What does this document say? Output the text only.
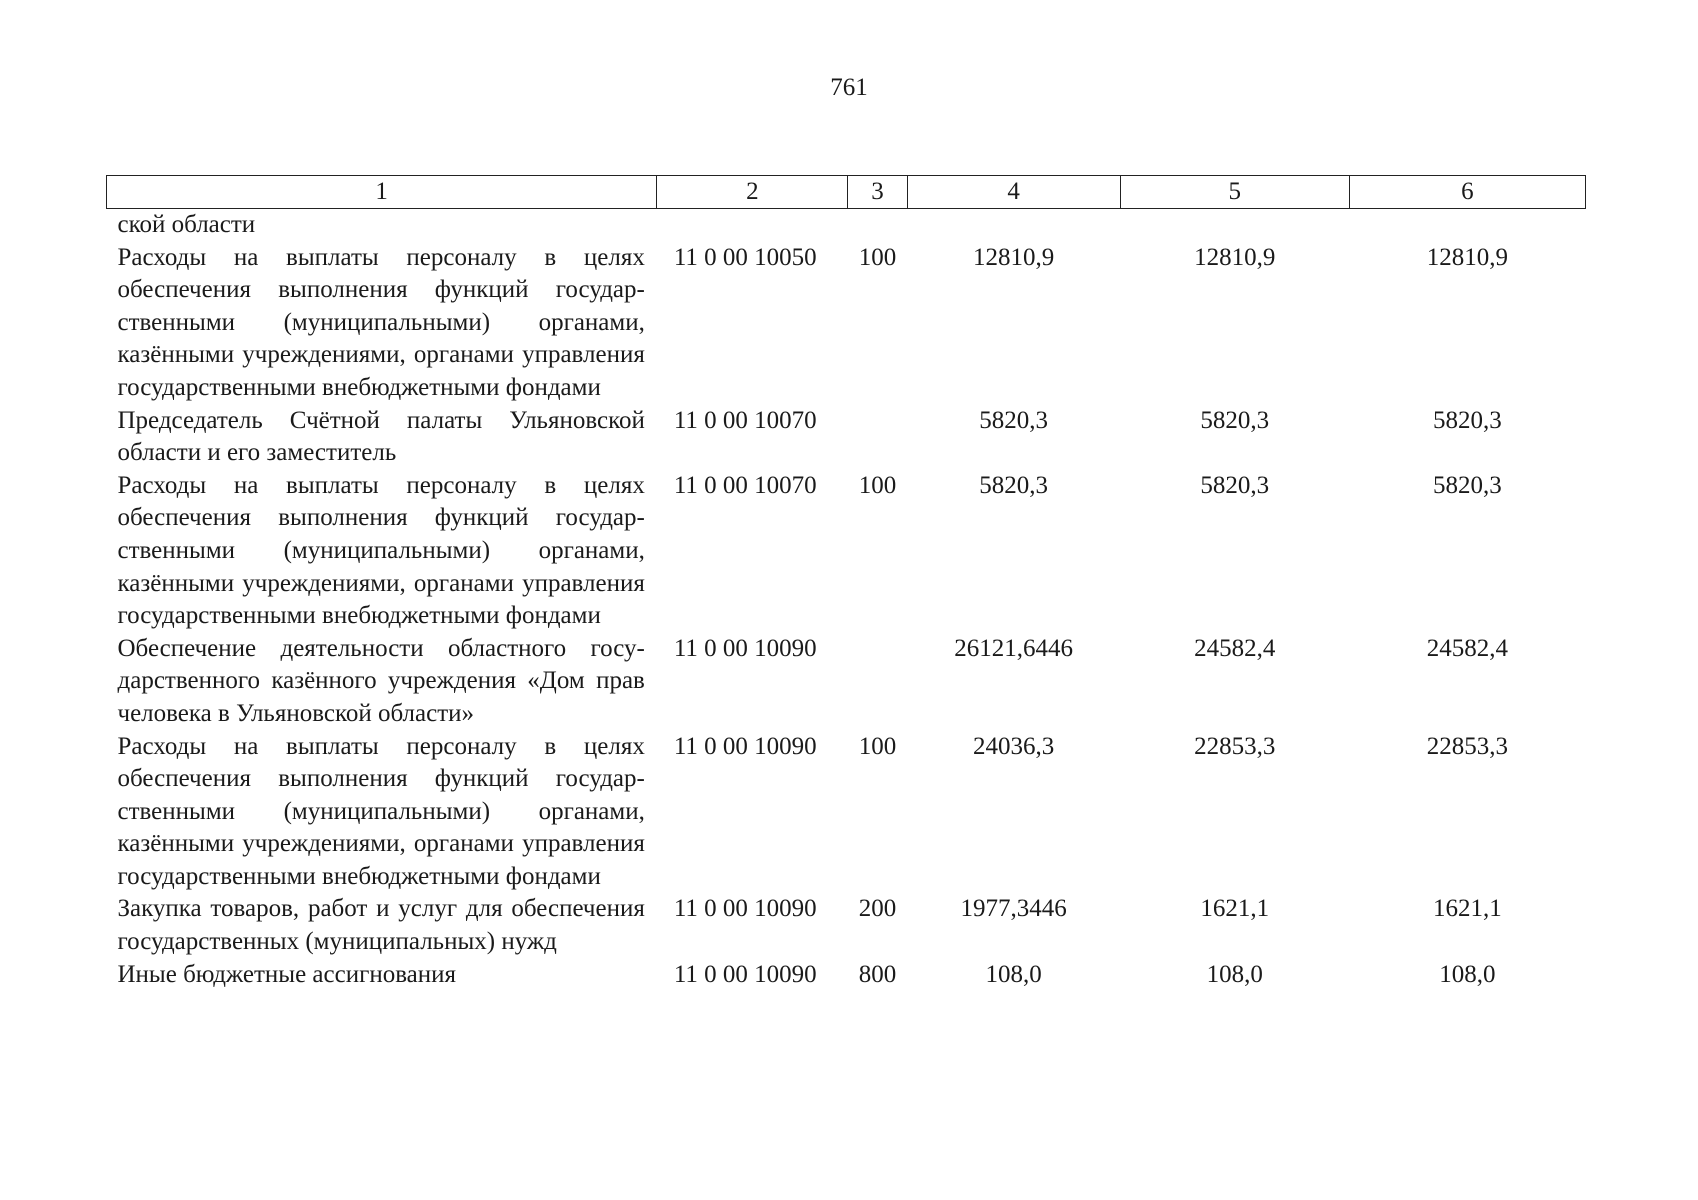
761
1	2	3	4	5	6
ской области					
Расходы на выплаты персоналу в целях обеспечения выполнения функций государственными (муниципальными) органами, казёнными учреждениями, органами управления государственными внебюджетными фондами	11 0 00 10050	100	12810,9	12810,9	12810,9
Председатель Счётной палаты Ульяновской области и его заместитель	11 0 00 10070		5820,3	5820,3	5820,3
Расходы на выплаты персоналу в целях обеспечения выполнения функций государственными (муниципальными) органами, казёнными учреждениями, органами управления государственными внебюджетными фондами	11 0 00 10070	100	5820,3	5820,3	5820,3
Обеспечение деятельности областного государственного казённого учреждения «Дом прав человека в Ульяновской области»	11 0 00 10090		26121,6446	24582,4	24582,4
Расходы на выплаты персоналу в целях обеспечения выполнения функций государственными (муниципальными) органами, казёнными учреждениями, органами управления государственными внебюджетными фондами	11 0 00 10090	100	24036,3	22853,3	22853,3
Закупка товаров, работ и услуг для обеспечения государственных (муниципальных) нужд	11 0 00 10090	200	1977,3446	1621,1	1621,1
Иные бюджетные ассигнования	11 0 00 10090	800	108,0	108,0	108,0
